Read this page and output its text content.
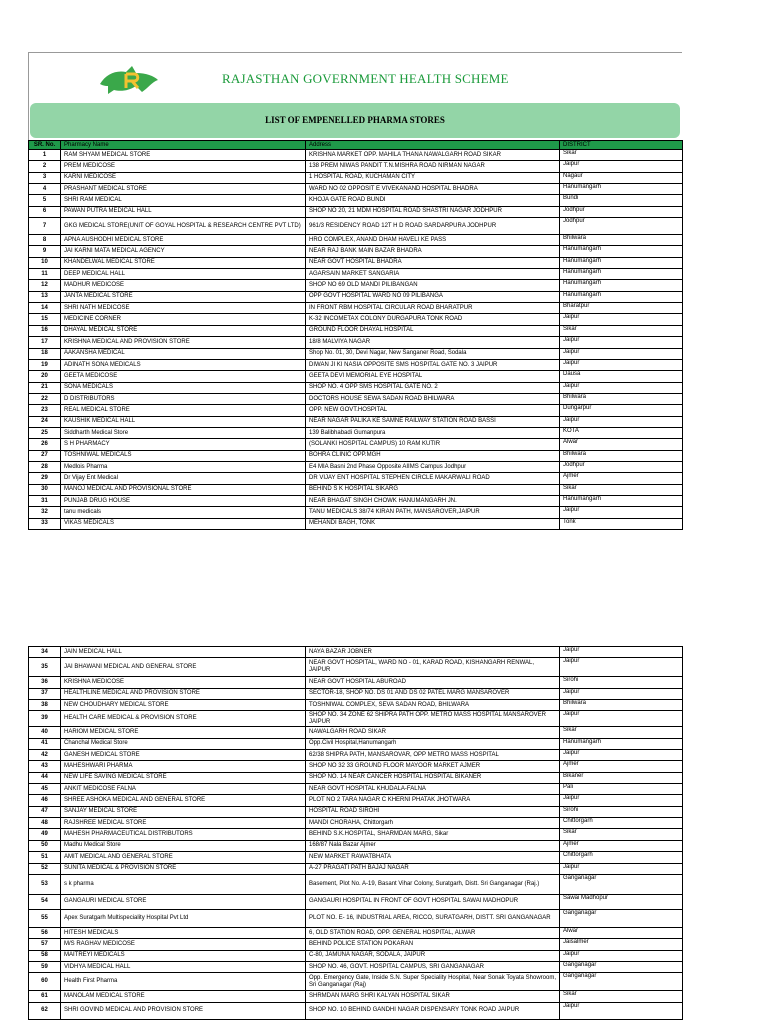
RAJASTHAN GOVERNMENT HEALTH SCHEME
LIST OF EMPENELLED PHARMA STORES
SR. No.	Pharmacy Name	Address	DISTRICT
1	RAM SHYAM MEDICAL STORE	KRISHNA MARKET OPP. MAHILA THANA NAWALGARH ROAD SIKAR	Sikar
2	PREM MEDICOSE	138 PREM NIWAS PANDIT T.N.MISHRA ROAD NIRMAN NAGAR	Jaipur
3	KARNI MEDICOSE	1 HOSPITAL ROAD, KUCHAMAN CITY	Nagaur
4	PRASHANT MEDICAL STORE	WARD NO 02 OPPOSIT E VIVEKANAND HOSPITAL BHADRA	Hanumangarh
5	SHRI RAM MEDICAL	KHOJA GATE ROAD BUNDI	Bundi
6	PAWAN PUTRA MEDICAL HALL	SHOP NO 20, 21 MDM HOSPITAL ROAD SHASTRI NAGAR JODHPUR	Jodhpur
7	GKG MEDICAL STORE(UNIT OF GOYAL HOSPITAL & RESEARCH CENTRE PVT LTD)	961/3 RESIDENCY ROAD 12T H D ROAD SARDARPURA JODHPUR	Jodhpur
8	APNA AUSHODHI MEDICAL STORE	HRO COMPLEX, ANAND DHAM HAVELI KE PASS	Bhilwara
9	JAI KARNI MATA MEDICAL AGENCY	NEAR RAJ BANK MAIN BAZAR BHADRA	Hanumangarh
10	KHANDELWAL MEDICAL STORE	NEAR GOVT HOSPITAL BHADRA	Hanumangarh
11	DEEP MEDICAL HALL	AGARSAIN MARKET SANGARIA	Hanumangarh
12	MADHUR MEDICOSE	SHOP NO 69 OLD MANDI PILIBANGAN	Hanumangarh
13	JANTA MEDICAL STORE	OPP GOVT HOSPITAL WARD NO 09 PILIBANGA	Hanumangarh
14	SHRI NATH MEDICOSE	IN FRONT RBM HOSPITAL CIRCULAR ROAD BHARATPUR	Bharatpur
15	MEDICINE CORNER	K-32 INCOMETAX COLONY DURGAPURA TONK ROAD	Jaipur
16	DHAYAL MEDICAL STORE	GROUND FLOOR DHAYAL HOSPITAL	Sikar
17	KRISHNA MEDICAL AND PROVISION STORE	18/8 MALVIYA NAGAR	Jaipur
18	AAKANSHA MEDICAL	Shop No. 01, 30, Devi Nagar, New Sanganer Road, Sodala	Jaipur
19	ADINATH SONA MEDICALS	DIWAN JI KI NASIA OPPOSITE SMS HOSPITAL GATE NO. 3 JAIPUR	Jaipur
20	GEETA MEDICOSE	GEETA DEVI MEMORIAL EYE HOSPITAL	Dausa
21	SONA MEDICALS	SHOP NO. 4 OPP SMS HOSPITAL GATE NO. 2	Jaipur
22	D DISTRIBUTORS	DOCTORS HOUSE SEWA SADAN ROAD BHILWARA	Bhilwara
23	REAL MEDICAL STORE	OPP. NEW GOVT.HOSPITAL	Dungarpur
24	KAUSHIK MEDICAL HALL	NEAR NAGAR PALIKA KE SAMNE RAILWAY STATION ROAD BASSI	Jaipur
25	Siddharth Medical Store	139 Balibhabadi Gumanpura	KOTA
26	S H PHARMACY	(SOLANKI HOSPITAL CAMPUS) 10 RAM KUTIR	Alwar
27	TOSHNIWAL MEDICALS	BOHRA CLINIC OPP.MGH	Bhilwara
28	Medlois Pharma	E4 MIA Basni 2nd Phase Opposite AIIMS Campus Jodhpur	Jodhpur
29	Dr Vijay Ent Medical	DR VIJAY ENT HOSPITAL STEPHEN CIRCLE MAKARWALI ROAD	Ajmer
30	MANOJ MEDICAL AND PROVISIONAL STORE	BEHIND S K HOSPITAL SIKARG	Sikar
31	PUNJAB DRUG HOUSE	NEAR BHAGAT SINGH CHOWK HANUMANGARH JN.	Hanumangarh
32	tanu medicals	TANU MEDICALS 38/74 KIRAN PATH, MANSAROVER,JAIPUR	Jaipur
33	VIKAS MEDICALS	MEHANDI BAGH, TONK	Tonk
34	JAIN MEDICAL HALL	NAYA BAZAR JOBNER	Jaipur
35	JAI BHAWANI MEDICAL AND GENERAL STORE	NEAR GOVT HOSPITAL, WARD NO - 01, KARAD ROAD, KISHANGARH RENWAL, JAIPUR	Jaipur
36	KRISHNA MEDICOSE	NEAR GOVT HOSPITAL ABUROAD	Sirohi
37	HEALTHLINE MEDICAL AND PROVISION STORE	SECTOR-18, SHOP NO. DS 01 AND DS 02 PATEL MARG MANSAROVER	Jaipur
38	NEW CHOUDHARY MEDICAL STORE	TOSHNIWAL COMPLEX, SEVA SADAN ROAD, BHILWARA	Bhilwara
39	HEALTH CARE MEDICAL & PROVISION STORE	SHOP NO. 34 ZONE 62 SHIPRA PATH OPP. METRO MASS HOSPITAL MANSAROVER JAIPUR	Jaipur
40	HARIOM MEDICAL STORE	NAWALGARH ROAD SIKAR	Sikar
41	Chanchal Medical Store	Opp.Civil Hospital,Hanumangarh	Hanumangarh
42	GANESH MEDICAL STORE	62/38 SHIPRA PATH, MANSAROVAR, OPP METRO MASS HOSPITAL	Jaipur
43	MAHESHWARI PHARMA	SHOP NO 32 33 GROUND FLOOR MAYOOR MARKET AJMER	Ajmer
44	NEW LIFE SAVING MEDICAL STORE	SHOP NO. 14 NEAR CANCER HOSPITAL HOSPITAL BIKANER	Bikaner
45	ANKIT MEDICOSE FALNA	NEAR GOVT HOSPITAL KHUDALA-FALNA	Pali
46	SHREE ASHOKA MEDICAL AND GENERAL STORE	PLOT NO 2 TARA NAGAR C KHERNI PHATAK JHOTWARA	Jaipur
47	SANJAY MEDICAL STORE	HOSPITAL ROAD SIROHI	Sirohi
48	RAJSHREE MEDICAL STORE	MANDI CHORAHA, Chittorgarh	Chittorgarh
49	MAHESH PHARMACEUTICAL DISTRIBUTORS	BEHIND S.K.HOSPITAL, SHARMDAN MARG, Sikar	Sikar
50	Madhu Medical Store	168/87 Nala Bazar Ajmer	Ajmer
51	AMIT MEDICAL AND GENERAL STORE	NEW MARKET RAWATBHATA	Chittorgarh
52	SUNITA MEDICAL & PROVISION STORE	A-27 PRAGATI PATH BAJAJ NAGAR	Jaipur
53	s k pharma	Basement, Plot No. A-19, Basant Vihar Colony, Suratgarh, Distt. Sri Ganganagar (Raj.)	Ganganagar
54	GANGAURI MEDICAL STORE	GANGAURI HOSPITAL IN FRONT OF GOVT HOSPITAL SAWAI MADHOPUR	Sawai Madhopur
55	Apex Suratgarh Multispeciality Hospital Pvt Ltd	PLOT NO. E- 16, INDUSTRIAL AREA, RICCO, SURATGARH, DISTT. SRI GANGANAGAR	Ganganagar
56	HITESH MEDICALS	6, OLD STATION ROAD, OPP. GENERAL HOSPITAL, ALWAR	Alwar
57	M/S RAGHAV MEDICOSE	BEHIND POLICE STATION POKARAN	Jaisalmer
58	MAITREYI MEDICALS	C-80, JAMUNA NAGAR, SODALA, JAIPUR	Jaipur
59	VIDHYA MEDICAL HALL	SHOP NO. 46, GOVT. HOSPITAL CAMPUS, SRI GANGANAGAR	Ganganagar
60	Health First Pharma	Opp. Emergency Gate, Inside S.N. Super Speciality Hospital, Near Sonak Toyata Showroom, Sri Ganganagar (Raj)	Ganganagar
61	MANOLAM MEDICAL STORE	SHRMDAN MARG SHRI KALYAN HOSPITAL SIKAR	Sikar
62	SHRI GOVIND MEDICAL AND PROVISION STORE	SHOP NO. 10 BEHIND GANDHI NAGAR DISPENSARY TONK ROAD JAIPUR	Jaipur
